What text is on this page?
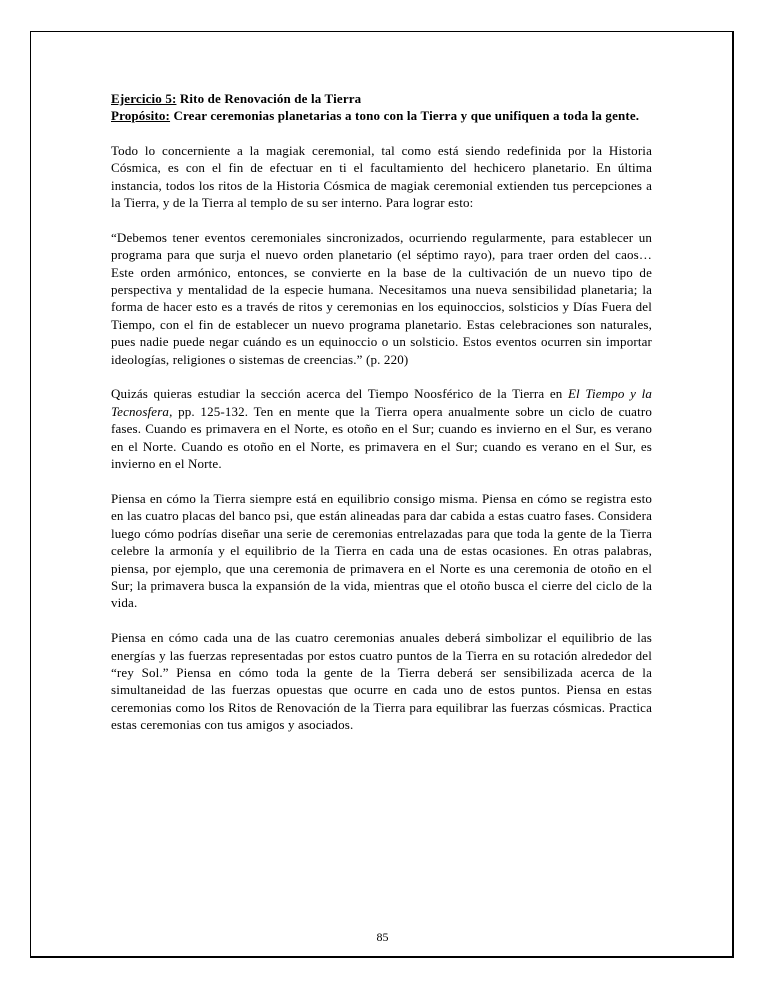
Ejercicio 5: Rito de Renovación de la Tierra

Propósito: Crear ceremonias planetarias a tono con la Tierra y que unifiquen a toda la gente.

Todo lo concerniente a la magiak ceremonial, tal como está siendo redefinida por la Historia Cósmica, es con el fin de efectuar en ti el facultamiento del hechicero planetario. En última instancia, todos los ritos de la Historia Cósmica de magiak ceremonial extienden tus percepciones a la Tierra, y de la Tierra al templo de su ser interno. Para lograr esto:

“Debemos tener eventos ceremoniales sincronizados, ocurriendo regularmente, para establecer un programa para que surja el nuevo orden planetario (el séptimo rayo), para traer orden del caos… Este orden armónico, entonces, se convierte en la base de la cultivación de un nuevo tipo de perspectiva y mentalidad de la especie humana. Necesitamos una nueva sensibilidad planetaria; la forma de hacer esto es a través de ritos y ceremonias en los equinoccios, solsticios y Días Fuera del Tiempo, con el fin de establecer un nuevo programa planetario. Estas celebraciones son naturales, pues nadie puede negar cuándo es un equinoccio o un solsticio. Estos eventos ocurren sin importar ideologías, religiones o sistemas de creencias.” (p. 220)

Quizás quieras estudiar la sección acerca del Tiempo Noosférico de la Tierra en El Tiempo y la Tecnosfera, pp. 125-132. Ten en mente que la Tierra opera anualmente sobre un ciclo de cuatro fases. Cuando es primavera en el Norte, es otoño en el Sur; cuando es invierno en el Sur, es verano en el Norte. Cuando es otoño en el Norte, es primavera en el Sur; cuando es verano en el Sur, es invierno en el Norte.

Piensa en cómo la Tierra siempre está en equilibrio consigo misma. Piensa en cómo se registra esto en las cuatro placas del banco psi, que están alineadas para dar cabida a estas cuatro fases. Considera luego cómo podrías diseñar una serie de ceremonias entrelazadas para que toda la gente de la Tierra celebre la armonía y el equilibrio de la Tierra en cada una de estas ocasiones. En otras palabras, piensa, por ejemplo, que una ceremonia de primavera en el Norte es una ceremonia de otoño en el Sur; la primavera busca la expansión de la vida, mientras que el otoño busca el cierre del ciclo de la vida.

Piensa en cómo cada una de las cuatro ceremonias anuales deberá simbolizar el equilibrio de las energías y las fuerzas representadas por estos cuatro puntos de la Tierra en su rotación alrededor del “rey Sol.” Piensa en cómo toda la gente de la Tierra deberá ser sensibilizada acerca de la simultaneidad de las fuerzas opuestas que ocurre en cada uno de estos puntos. Piensa en estas ceremonias como los Ritos de Renovación de la Tierra para equilibrar las fuerzas cósmicas. Practica estas ceremonias con tus amigos y asociados.

85
